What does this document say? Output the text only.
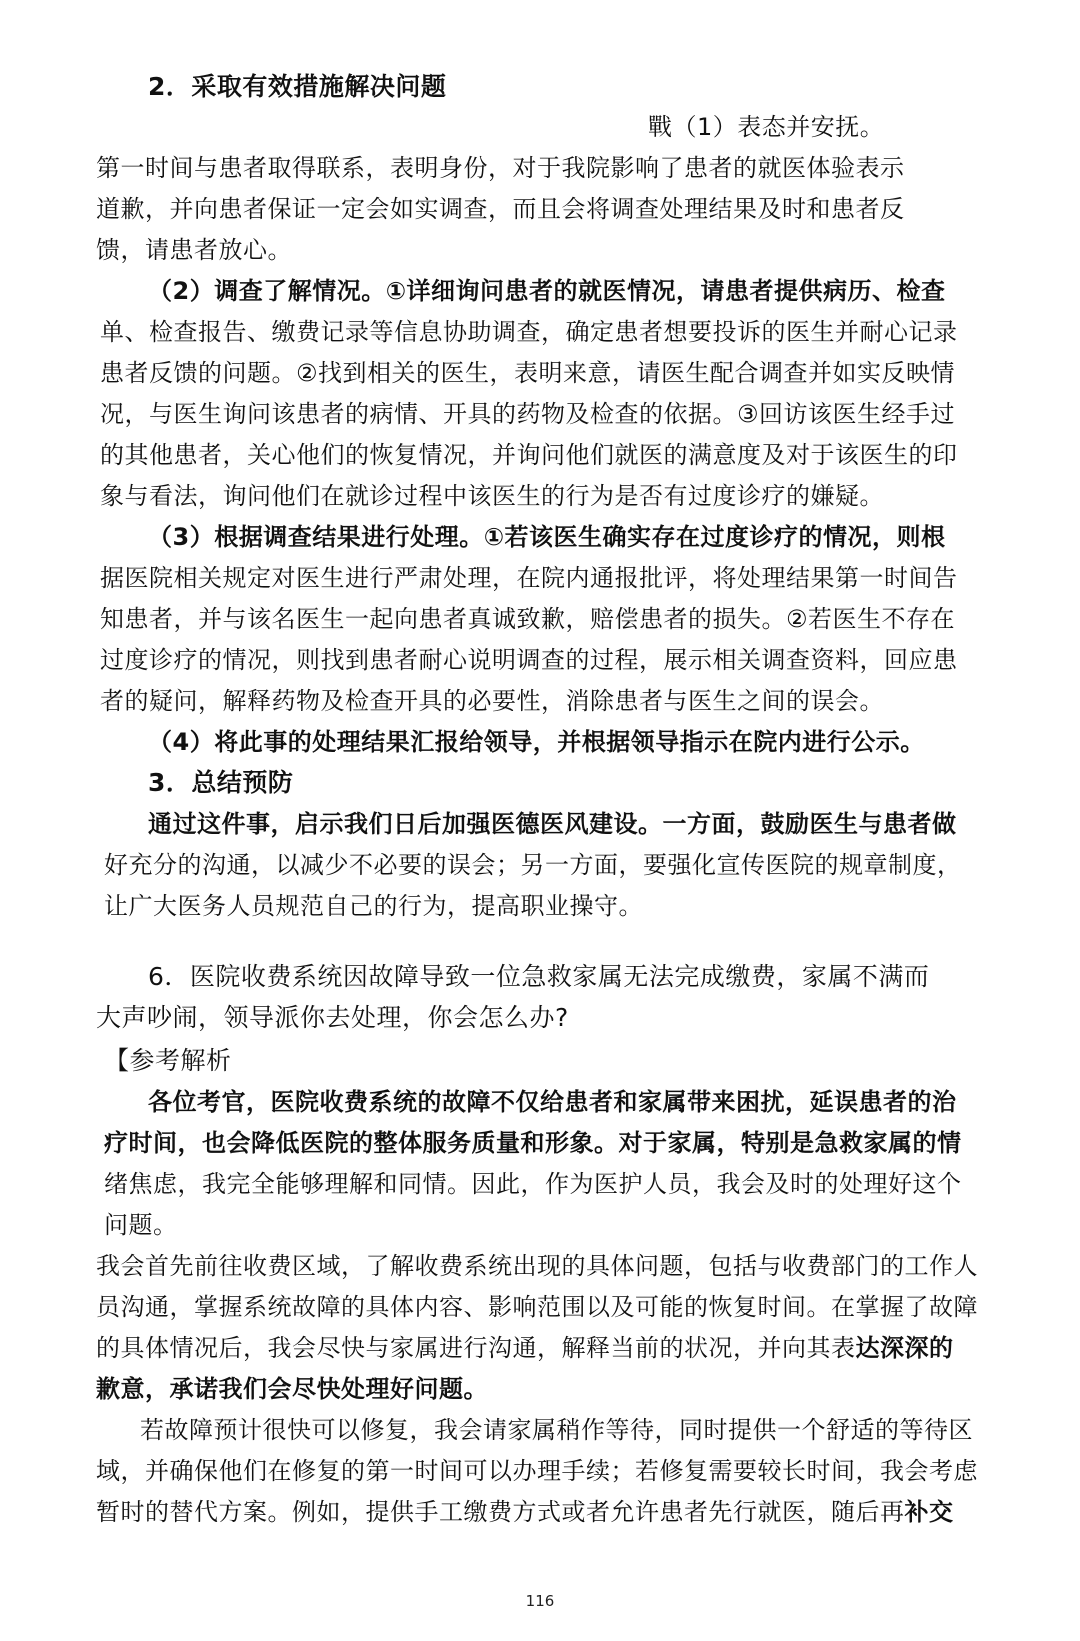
2．采取有效措施解决问题
戰（1）表态并安抚。
第一时间与患者取得联系，表明身份，对于我院影响了患者的就医体验表示
道歉，并向患者保证一定会如实调查，而且会将调查处理结果及时和患者反
馈，请患者放心。
（2）调查了解情况。①详细询问患者的就医情况，请患者提供病历、检查
单、检查报告、缴费记录等信息协助调查，确定患者想要投诉的医生并耐心记录
患者反馈的问题。②找到相关的医生，表明来意，请医生配合调查并如实反映情
况，与医生询问该患者的病情、开具的药物及检查的依据。③回访该医生经手过
的其他患者，关心他们的恢复情况，并询问他们就医的满意度及对于该医生的印
象与看法，询问他们在就诊过程中该医生的行为是否有过度诊疗的嫌疑。
（3）根据调查结果进行处理。①若该医生确实存在过度诊疗的情况，则根
据医院相关规定对医生进行严肃处理，在院内通报批评，将处理结果第一时间告
知患者，并与该名医生一起向患者真诚致歉，赔偿患者的损失。②若医生不存在
过度诊疗的情况，则找到患者耐心说明调查的过程，展示相关调查资料，回应患
者的疑问，解释药物及检查开具的必要性，消除患者与医生之间的误会。
（4）将此事的处理结果汇报给领导，并根据领导指示在院内进行公示。
3．总结预防
通过这件事，启示我们日后加强医德医风建设。一方面，鼓励医生与患者做
好充分的沟通，以减少不必要的误会；另一方面，要强化宣传医院的规章制度，
让广大医务人员规范自己的行为，提高职业操守。
6．医院收费系统因故障导致一位急救家属无法完成缴费，家属不满而
大声吵闹，领导派你去处理，你会怎么办?
【参考解析
各位考官，医院收费系统的故障不仅给患者和家属带来困扰，延误患者的治
疗时间，也会降低医院的整体服务质量和形象。对于家属，特别是急救家属的情
绪焦虑，我完全能够理解和同情。因此，作为医护人员，我会及时的处理好这个
问题。
我会首先前往收费区域，了解收费系统出现的具体问题，包括与收费部门的工作人
员沟通，掌握系统故障的具体内容、影响范围以及可能的恢复时间。在掌握了故障
的具体情况后，我会尽快与家属进行沟通，解释当前的状况，并向其表达深深的
歉意，承诺我们会尽快处理好问题。
若故障预计很快可以修复，我会请家属稍作等待，同时提供一个舒适的等待区
域，并确保他们在修复的第一时间可以办理手续；若修复需要较长时间，我会考虑
暂时的替代方案。例如，提供手工缴费方式或者允许患者先行就医，随后再补交
116
